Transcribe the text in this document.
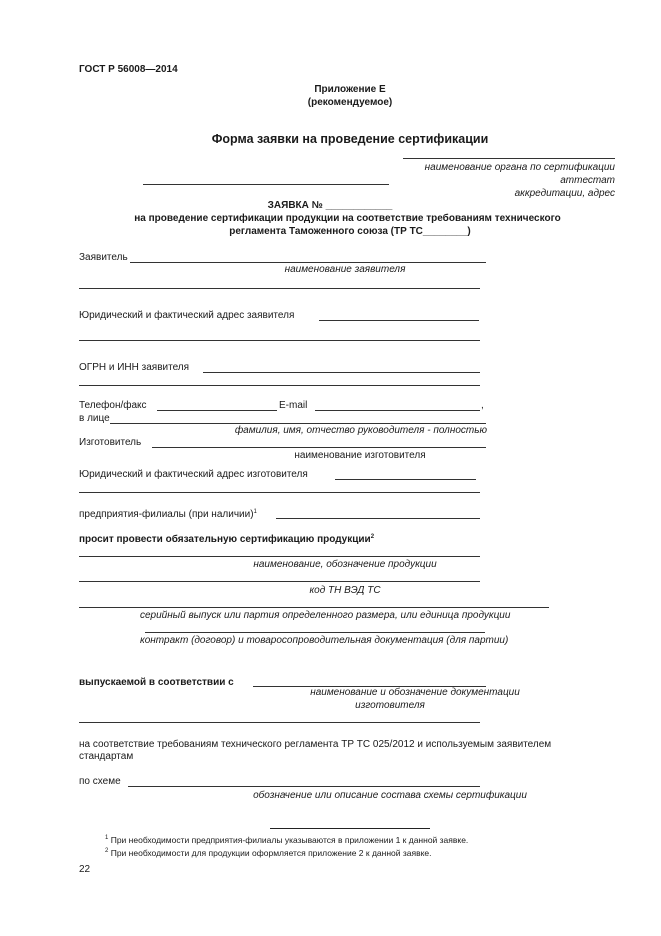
ГОСТ Р 56008—2014
Приложение Е
(рекомендуемое)
Форма заявки на проведение сертификации
наименование органа по сертификации
аттестат
аккредитации, адрес
ЗАЯВКА № ____________
на проведение сертификации продукции на соответствие требованиям технического
регламента Таможенного союза (ТР ТС________)
Заявитель
наименование заявителя
Юридический и фактический адрес заявителя
ОГРН и ИНН заявителя
Телефон/факс	E-mail	,
в лице
фамилия, имя, отчество руководителя - полностью
Изготовитель
наименование изготовителя
Юридический и фактический адрес изготовителя
предприятия-филиалы (при наличии)$^1$
просит провести обязательную сертификацию продукции$^2$
наименование, обозначение продукции
код ТН ВЭД ТС
серийный выпуск или партия определенного размера, или единица продукции
контракт (договор) и товаросопроводительная документация (для партии)
выпускаемой в соответствии с
наименование и обозначение документации
изготовителя
на соответствие требованиям технического регламента ТР ТС 025/2012 и используемым заявителем
стандартам
по схеме
обозначение или описание состава схемы сертификации
$^1$ При необходимости предприятия-филиалы указываются в приложении 1 к данной заявке.
$^2$ При необходимости для продукции оформляется приложение 2 к данной заявке.
22
